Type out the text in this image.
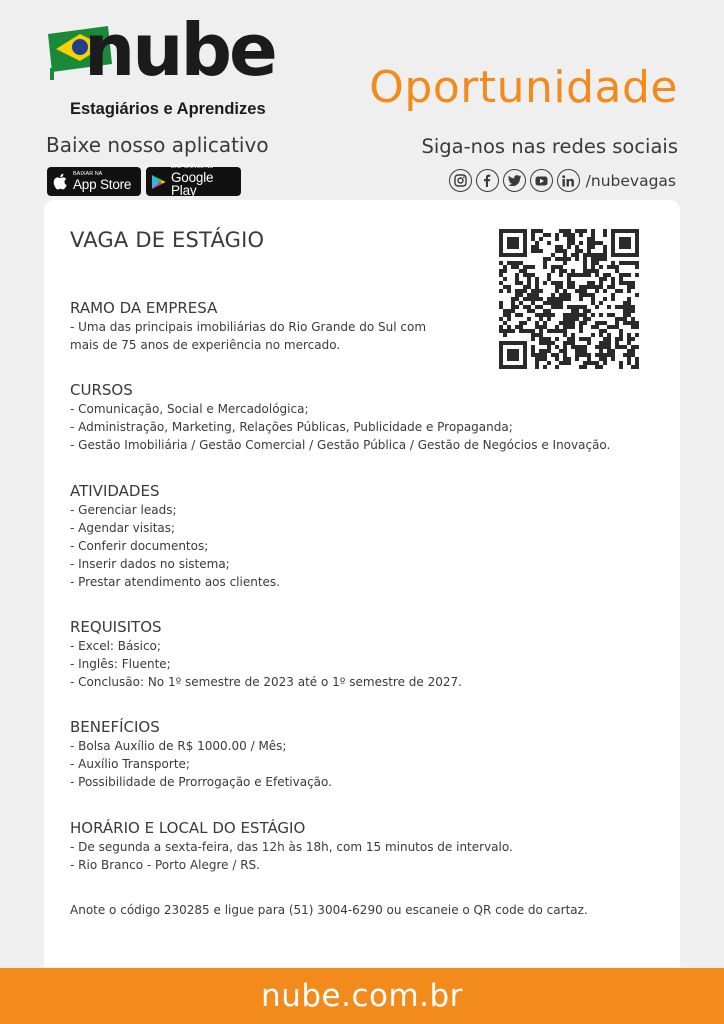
nube
Estagiários e Aprendizes Oportunidade
Baixe nosso aplicativo	Siga-nos nas redes sociais
BAIXAR NA
App Store
DISPONÍVEL NO
Google Play
/nubevagas
VAGA DE ESTÁGIO
RAMO DA EMPRESA
- Uma das principais imobiliárias do Rio Grande do Sul com
mais de 75 anos de experiência no mercado.
CURSOS
- Comunicação, Social e Mercadológica;
- Administração, Marketing, Relações Públicas, Publicidade e Propaganda;
- Gestão Imobiliária / Gestão Comercial / Gestão Pública / Gestão de Negócios e Inovação.
ATIVIDADES
- Gerenciar leads;
- Agendar visitas;
- Conferir documentos;
- Inserir dados no sistema;
- Prestar atendimento aos clientes.
REQUISITOS
- Excel: Básico;
- Inglês: Fluente;
- Conclusão: No 1º semestre de 2023 até o 1º semestre de 2027.
BENEFÍCIOS
- Bolsa Auxílio de R$ 1000.00 / Mês;
- Auxílio Transporte;
- Possibilidade de Prorrogação e Efetivação.
HORÁRIO E LOCAL DO ESTÁGIO
- De segunda a sexta-feira, das 12h às 18h, com 15 minutos de intervalo.
- Rio Branco - Porto Alegre / RS.
Anote o código 230285 e ligue para (51) 3004-6290 ou escaneie o QR code do cartaz.
nube.com.br
